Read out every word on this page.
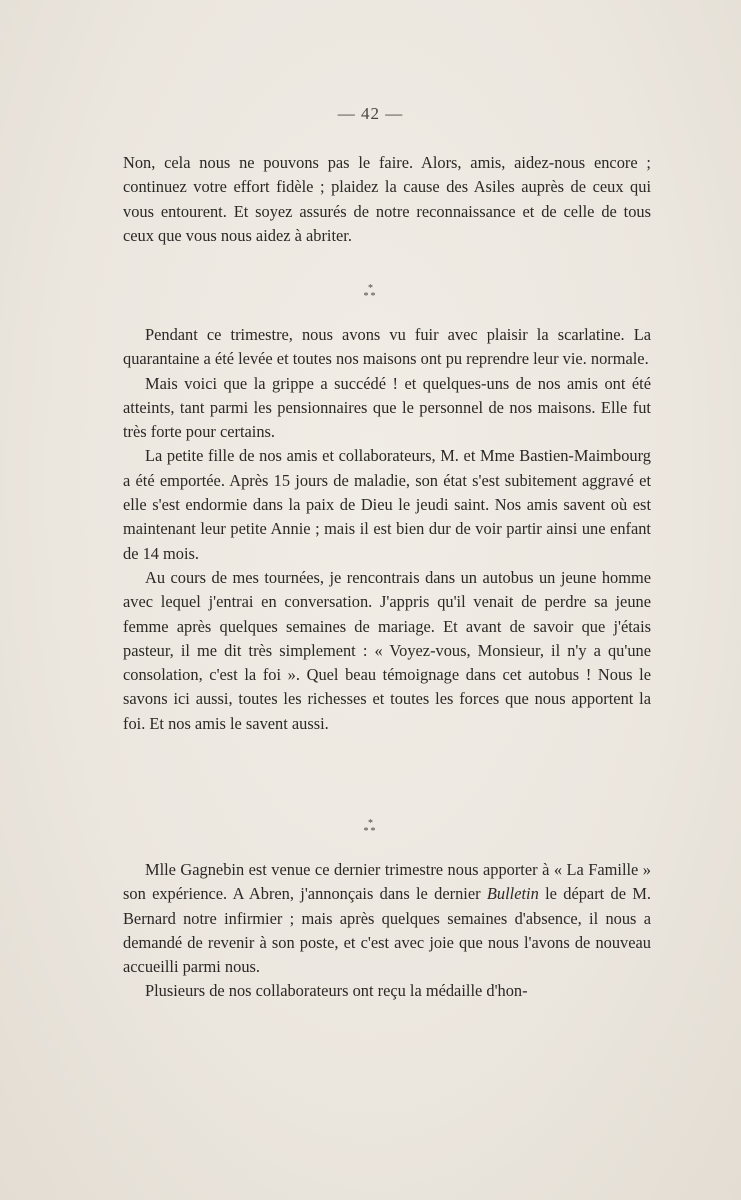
— 42 —

Non, cela nous ne pouvons pas le faire. Alors, amis, aidez-nous encore ; continuez votre effort fidèle ; plaidez la cause des Asiles auprès de ceux qui vous entourent. Et soyez assurés de notre reconnaissance et de celle de tous ceux que vous nous aidez à abriter.

*
**

Pendant ce trimestre, nous avons vu fuir avec plaisir la scarlatine. La quarantaine a été levée et toutes nos maisons ont pu reprendre leur vie. normale.

Mais voici que la grippe a succédé ! et quelques-uns de nos amis ont été atteints, tant parmi les pensionnaires que le personnel de nos maisons. Elle fut très forte pour certains.

La petite fille de nos amis et collaborateurs, M. et Mme Bastien-Maimbourg a été emportée. Après 15 jours de maladie, son état s'est subitement aggravé et elle s'est endormie dans la paix de Dieu le jeudi saint. Nos amis savent où est maintenant leur petite Annie ; mais il est bien dur de voir partir ainsi une enfant de 14 mois.

Au cours de mes tournées, je rencontrais dans un autobus un jeune homme avec lequel j'entrai en conversation. J'appris qu'il venait de perdre sa jeune femme après quelques semaines de mariage. Et avant de savoir que j'étais pasteur, il me dit très simplement : « Voyez-vous, Monsieur, il n'y a qu'une consolation, c'est la foi ». Quel beau témoignage dans cet autobus ! Nous le savons ici aussi, toutes les richesses et toutes les forces que nous apportent la foi. Et nos amis le savent aussi.

*
**

Mlle Gagnebin est venue ce dernier trimestre nous apporter à « La Famille » son expérience. A Abren, j'annonçais dans le dernier Bulletin le départ de M. Bernard notre infirmier ; mais après quelques semaines d'absence, il nous a demandé de revenir à son poste, et c'est avec joie que nous l'avons de nouveau accueilli parmi nous.

Plusieurs de nos collaborateurs ont reçu la médaille d'hon-
